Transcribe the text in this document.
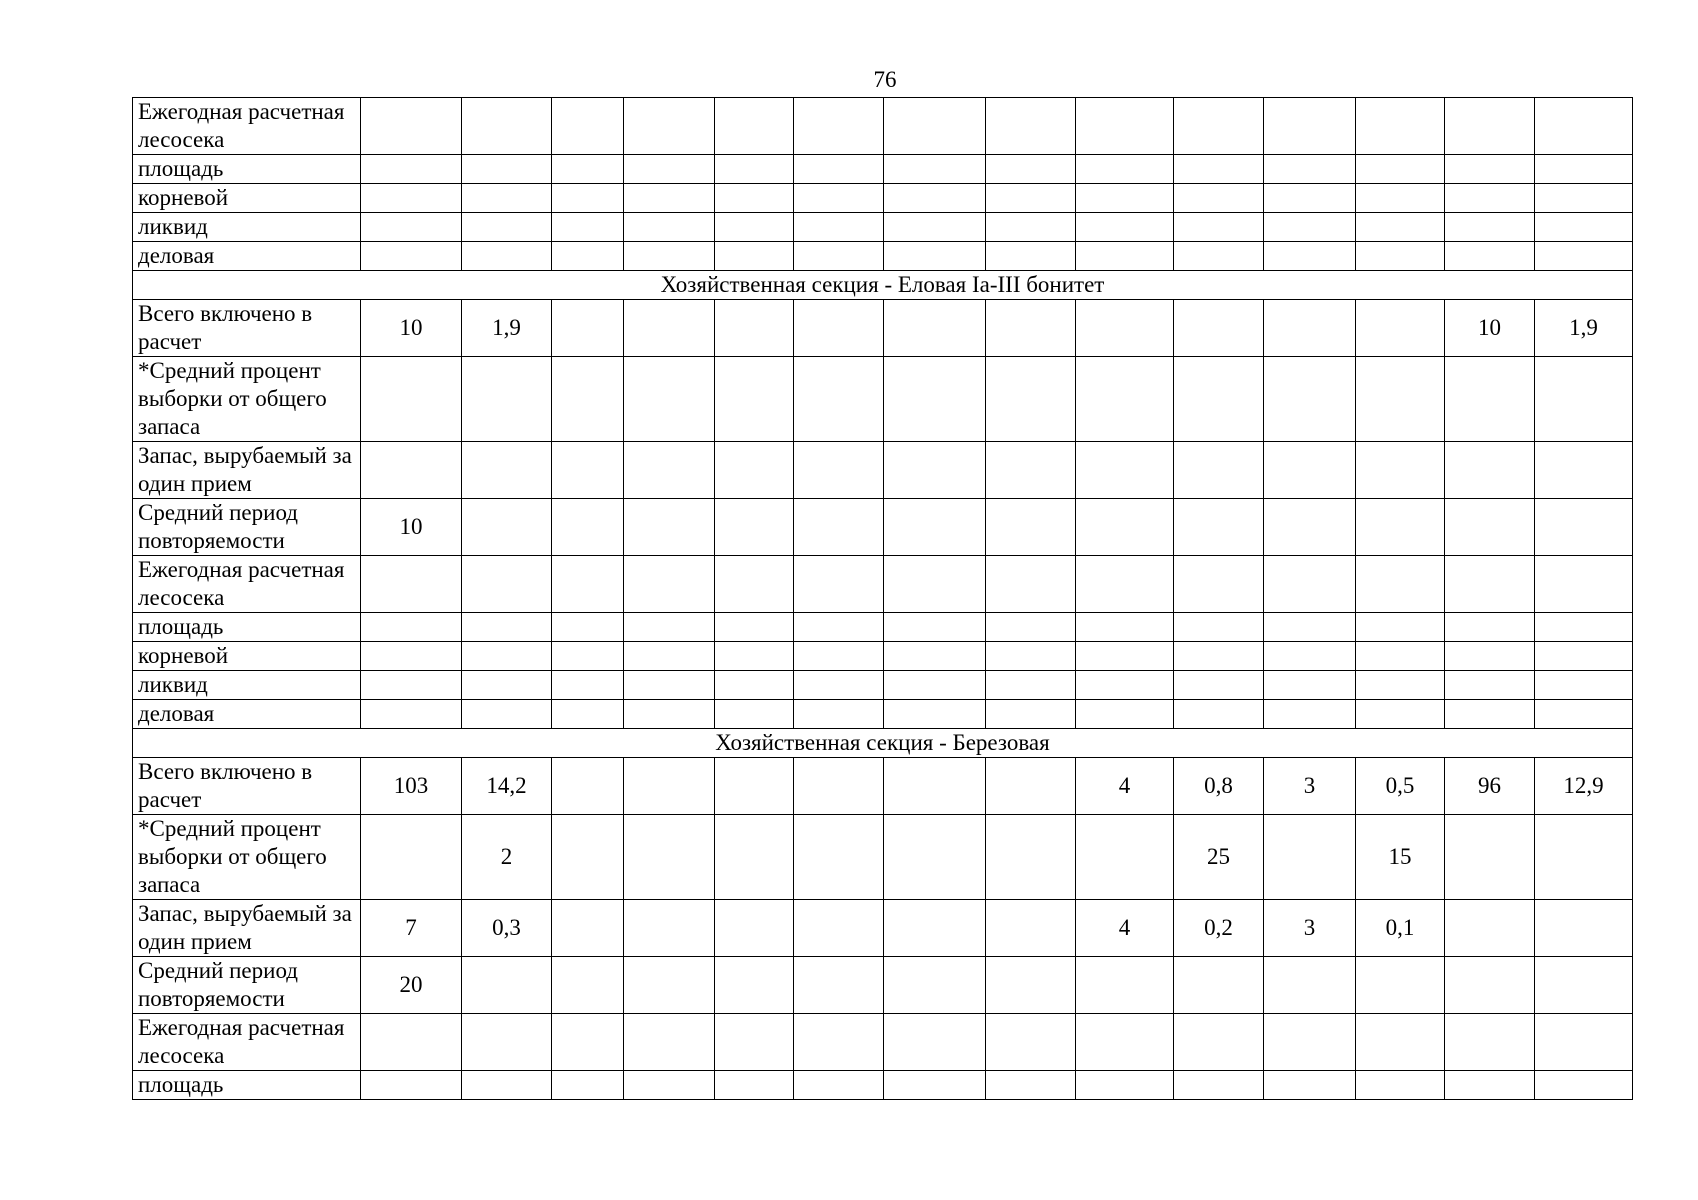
76
Ежегодная расчетная лесосека														
площадь														
корневой														
ликвид														
деловая														
Хозяйственная секция - Еловая Iа-III бонитет														
Всего включено в расчет	10	1,9											10	1,9
*Средний процент выборки от общего запаса														
Запас, вырубаемый за один прием														
Средний период повторяемости	10													
Ежегодная расчетная лесосека														
площадь														
корневой														
ликвид														
деловая														
Хозяйственная секция - Березовая														
Всего включено в расчет	103	14,2							4	0,8	3	0,5	96	12,9
*Средний процент выборки от общего запаса		2								25		15		
Запас, вырубаемый за один прием	7	0,3							4	0,2	3	0,1		
Средний период повторяемости	20													
Ежегодная расчетная лесосека														
площадь														
